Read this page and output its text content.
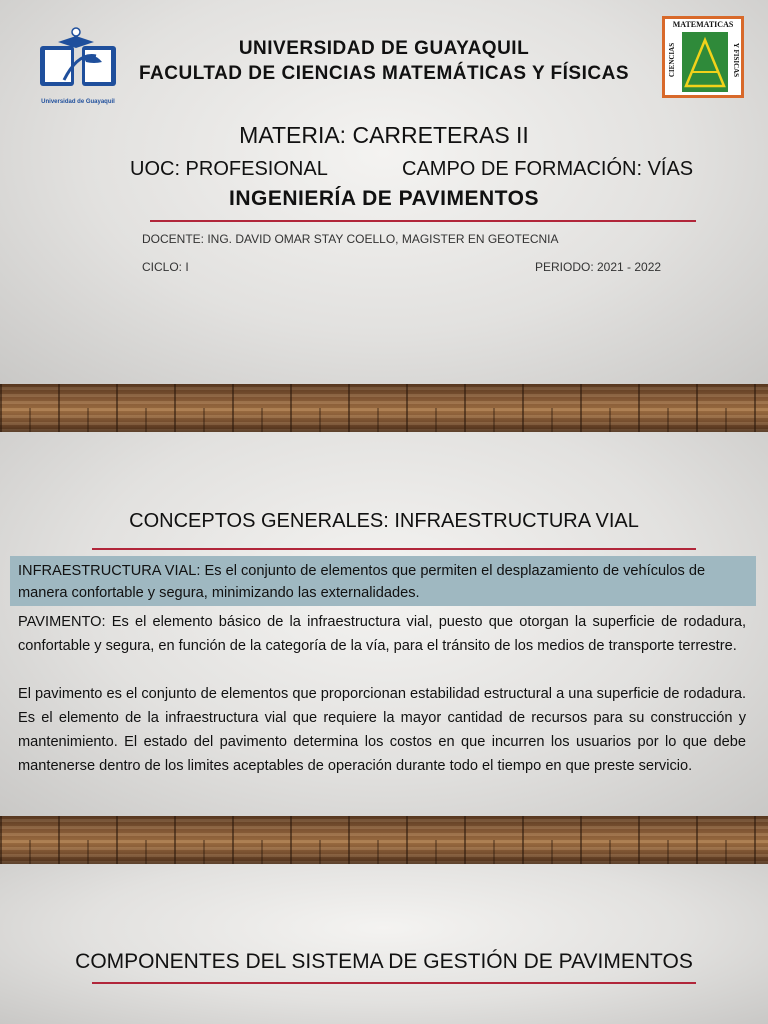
Universidad de Guayaquil
UNIVERSIDAD DE GUAYAQUIL
FACULTAD DE CIENCIAS MATEMÁTICAS Y FÍSICAS
MATEMATICAS
CIENCIAS	Y FISICAS
MATERIA: CARRETERAS II
UOC: PROFESIONAL	CAMPO DE FORMACIÓN: VÍAS
INGENIERÍA DE PAVIMENTOS
DOCENTE: ING. DAVID OMAR STAY COELLO, MAGISTER EN GEOTECNIA
CICLO: I	PERIODO: 2021 - 2022
CONCEPTOS GENERALES: INFRAESTRUCTURA VIAL
INFRAESTRUCTURA VIAL: Es el conjunto de elementos que permiten el desplazamiento de vehículos de manera confortable y segura, minimizando las externalidades.
PAVIMENTO: Es el elemento básico de la infraestructura vial, puesto que otorgan la superficie de rodadura, confortable y segura, en función de la categoría de la vía, para el tránsito de los medios de transporte terrestre.
El pavimento es el conjunto de elementos que proporcionan estabilidad estructural a una superficie de rodadura. Es el elemento de la infraestructura vial que requiere la mayor cantidad de recursos para su construcción y mantenimiento. El estado del pavimento determina los costos en que incurren los usuarios por lo que debe mantenerse dentro de los limites aceptables de operación durante todo el tiempo en que preste servicio.
COMPONENTES DEL SISTEMA DE GESTIÓN DE PAVIMENTOS
